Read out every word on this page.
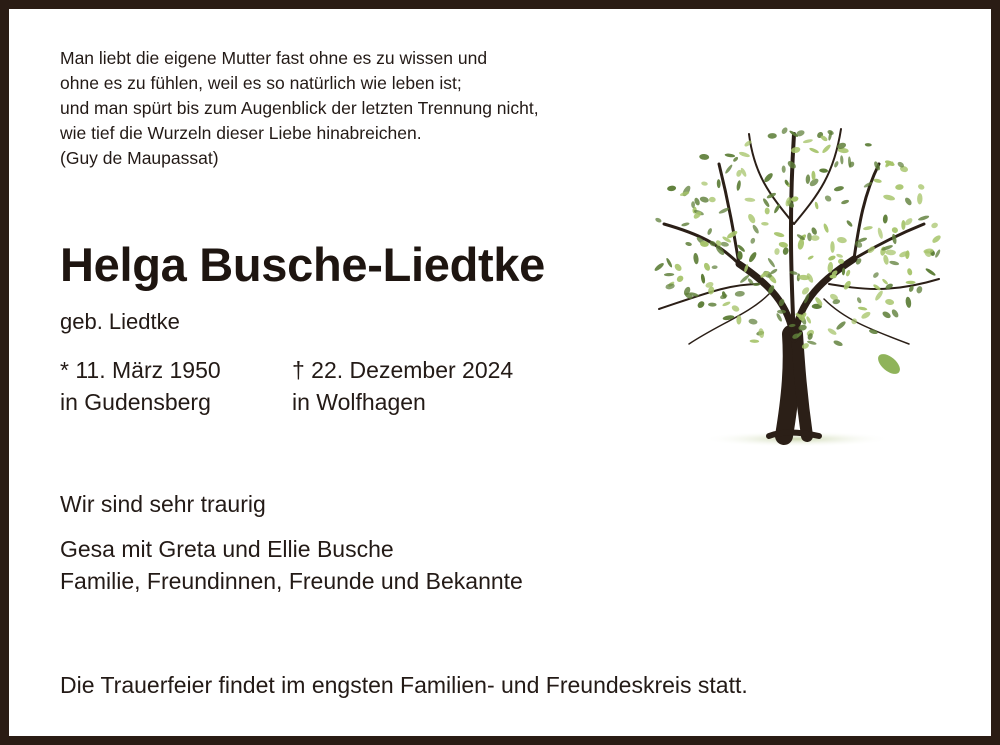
Man liebt die eigene Mutter fast ohne es zu wissen und
ohne es zu fühlen, weil es so natürlich wie leben ist;
und man spürt bis zum Augenblick der letzten Trennung nicht,
wie tief die Wurzeln dieser Liebe hinabreichen.
(Guy de Maupassat)
Helga Busche-Liedtke
geb. Liedtke
* 11. März 1950
in Gudensberg
† 22. Dezember 2024
in Wolfhagen
Wir sind sehr traurig
Gesa mit Greta und Ellie Busche
Familie, Freundinnen, Freunde und Bekannte
Die Trauerfeier findet im engsten Familien- und Freundeskreis statt.
